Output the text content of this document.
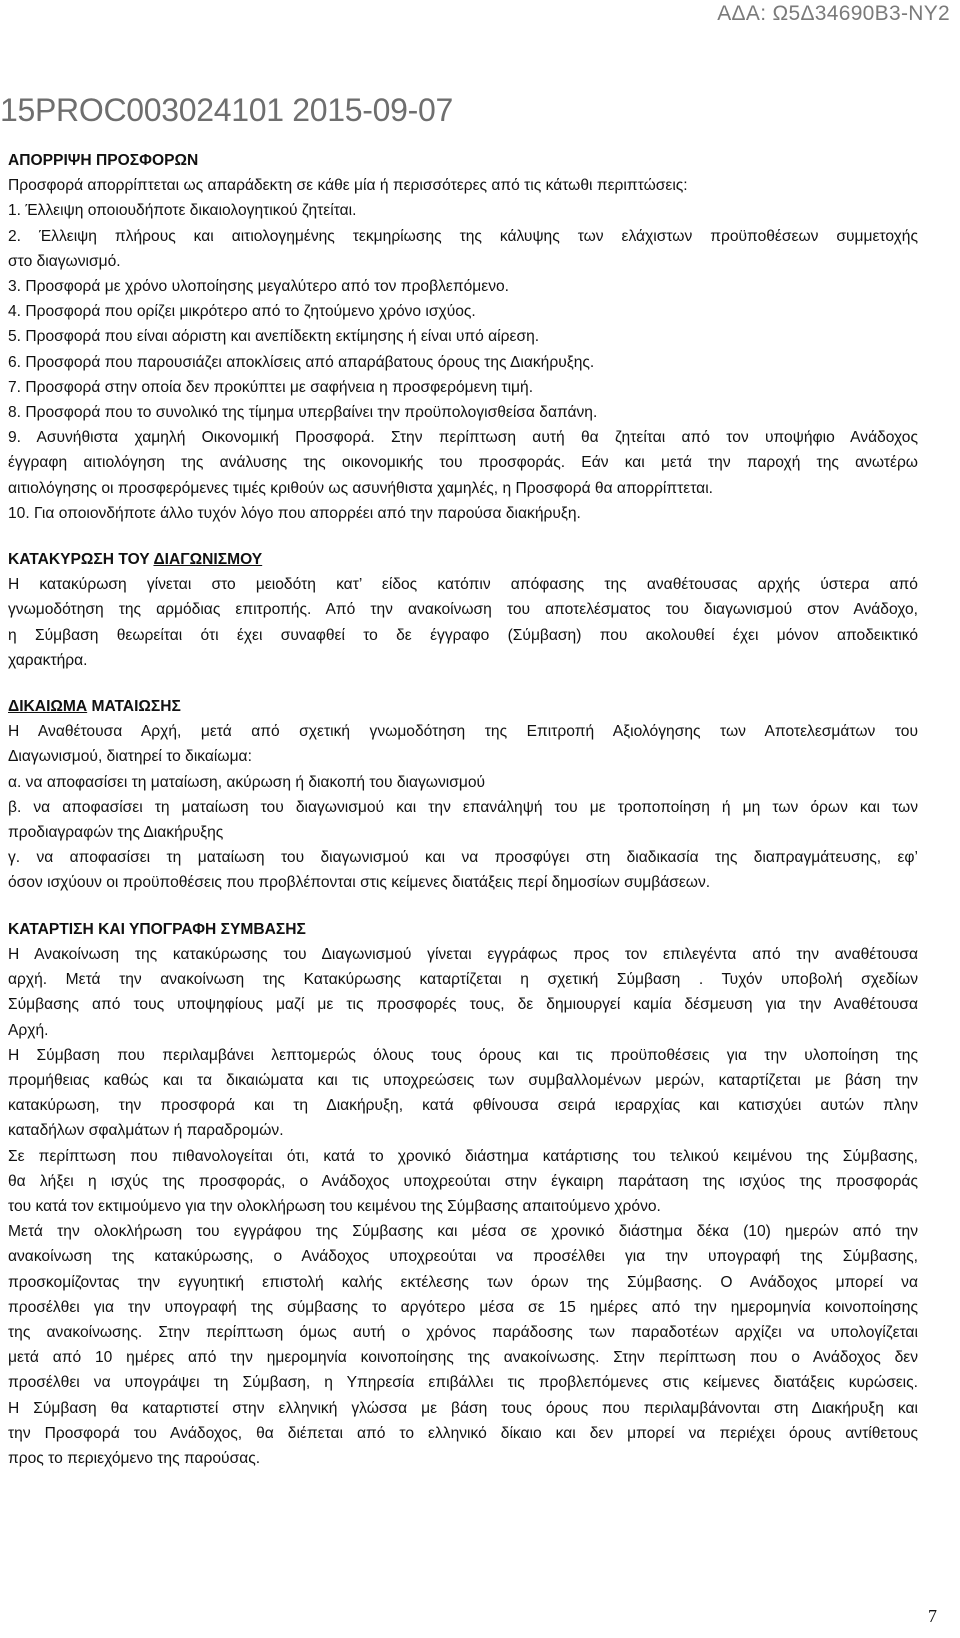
ΑΔΑ: Ω5Δ34690Β3-ΝΥ2
15PROC003024101 2015-09-07
ΑΠΟΡΡΙΨΗ ΠΡΟΣΦΟΡΩΝ
Προσφορά απορρίπτεται ως απαράδεκτη σε κάθε μία ή περισσότερες από τις κάτωθι περιπτώσεις:
1. Έλλειψη οποιουδήποτε δικαιολογητικού ζητείται.
2. Έλλειψη πλήρους και αιτιολογημένης τεκμηρίωσης της κάλυψης των ελάχιστων προϋποθέσεων συμμετοχής
στο διαγωνισμό.
3. Προσφορά με χρόνο υλοποίησης μεγαλύτερο από τον προβλεπόμενο.
4. Προσφορά που ορίζει μικρότερο από το ζητούμενο χρόνο ισχύος.
5. Προσφορά που είναι αόριστη και ανεπίδεκτη εκτίμησης ή είναι υπό αίρεση.
6. Προσφορά που παρουσιάζει αποκλίσεις από απαράβατους όρους της Διακήρυξης.
7. Προσφορά στην οποία δεν προκύπτει με σαφήνεια η προσφερόμενη τιμή.
8. Προσφορά που το συνολικό της τίμημα υπερβαίνει την προϋπολογισθείσα δαπάνη.
9. Ασυνήθιστα χαμηλή Οικονομική Προσφορά. Στην περίπτωση αυτή θα ζητείται από τον υποψήφιο Ανάδοχος
έγγραφη αιτιολόγηση της ανάλυσης της οικονομικής του προσφοράς. Εάν και μετά την παροχή της ανωτέρω
αιτιολόγησης οι προσφερόμενες τιμές κριθούν ως ασυνήθιστα χαμηλές, η Προσφορά θα απορρίπτεται.
10. Για οποιονδήποτε άλλο τυχόν λόγο που απορρέει από την παρούσα διακήρυξη.
ΚΑΤΑΚΥΡΩΣΗ ΤΟΥ ΔΙΑΓΩΝΙΣΜΟΥ
Η κατακύρωση γίνεται στο μειοδότη κατ’ είδος κατόπιν απόφασης της αναθέτουσας αρχής ύστερα από
γνωμοδότηση της αρμόδιας επιτροπής. Από την ανακοίνωση του αποτελέσματος του διαγωνισμού στον Ανάδοχο,
η Σύμβαση θεωρείται ότι έχει συναφθεί το δε έγγραφο (Σύμβαση) που ακολουθεί έχει μόνον αποδεικτικό
χαρακτήρα.
ΔΙΚΑΙΩΜΑ ΜΑΤΑΙΩΣΗΣ
Η Αναθέτουσα Αρχή, μετά από σχετική γνωμοδότηση της Επιτροπή Αξιολόγησης των Αποτελεσμάτων του
Διαγωνισμού, διατηρεί το δικαίωμα:
α. να αποφασίσει τη ματαίωση, ακύρωση ή διακοπή του διαγωνισμού
β. να αποφασίσει τη ματαίωση του διαγωνισμού και την επανάληψή του με τροποποίηση ή μη των όρων και των
προδιαγραφών της Διακήρυξης
γ. να αποφασίσει τη ματαίωση του διαγωνισμού και να προσφύγει στη διαδικασία της διαπραγμάτευσης, εφ’
όσον ισχύουν οι προϋποθέσεις που προβλέπονται στις κείμενες διατάξεις περί δημοσίων συμβάσεων.
ΚΑΤΑΡΤΙΣΗ ΚΑΙ ΥΠΟΓΡΑΦΗ ΣΥΜΒΑΣΗΣ
Η Ανακοίνωση της κατακύρωσης του Διαγωνισμού γίνεται εγγράφως προς τον επιλεγέντα από την αναθέτουσα
αρχή. Μετά την ανακοίνωση της Κατακύρωσης καταρτίζεται η σχετική Σύμβαση . Τυχόν υποβολή σχεδίων
Σύμβασης από τους υποψηφίους μαζί με τις προσφορές τους, δε δημιουργεί καμία δέσμευση για την Αναθέτουσα
Αρχή.
Η Σύμβαση που περιλαμβάνει λεπτομερώς όλους τους όρους και τις προϋποθέσεις για την υλοποίηση της
προμήθειας καθώς και τα δικαιώματα και τις υποχρεώσεις των συμβαλλομένων μερών, καταρτίζεται με βάση την
κατακύρωση, την προσφορά και τη Διακήρυξη, κατά φθίνουσα σειρά ιεραρχίας και κατισχύει αυτών πλην
καταδήλων σφαλμάτων ή παραδρομών.
Σε περίπτωση που πιθανολογείται ότι, κατά το χρονικό διάστημα κατάρτισης του τελικού κειμένου της Σύμβασης,
θα λήξει η ισχύς της προσφοράς, ο Ανάδοχος υποχρεούται στην έγκαιρη παράταση της ισχύος της προσφοράς
του κατά τον εκτιμούμενο για την ολοκλήρωση του κειμένου της Σύμβασης απαιτούμενο χρόνο.
Μετά την ολοκλήρωση του εγγράφου της Σύμβασης και μέσα σε χρονικό διάστημα δέκα (10) ημερών από την
ανακοίνωση της κατακύρωσης, ο Ανάδοχος υποχρεούται να προσέλθει για την υπογραφή της Σύμβασης,
προσκομίζοντας την εγγυητική επιστολή καλής εκτέλεσης των όρων της Σύμβασης. Ο Ανάδοχος μπορεί να
προσέλθει για την υπογραφή της σύμβασης το αργότερο μέσα σε 15 ημέρες από την ημερομηνία κοινοποίησης
της ανακοίνωσης. Στην περίπτωση όμως αυτή ο χρόνος παράδοσης των παραδοτέων αρχίζει να υπολογίζεται
μετά από 10 ημέρες από την ημερομηνία κοινοποίησης της ανακοίνωσης. Στην περίπτωση που ο Ανάδοχος δεν
προσέλθει να υπογράψει τη Σύμβαση, η Υπηρεσία επιβάλλει τις προβλεπόμενες στις κείμενες διατάξεις κυρώσεις.
Η Σύμβαση θα καταρτιστεί στην ελληνική γλώσσα με βάση τους όρους που περιλαμβάνονται στη Διακήρυξη και
την Προσφορά του Ανάδοχος, θα διέπεται από το ελληνικό δίκαιο και δεν μπορεί να περιέχει όρους αντίθετους
προς το περιεχόμενο της παρούσας.
7
